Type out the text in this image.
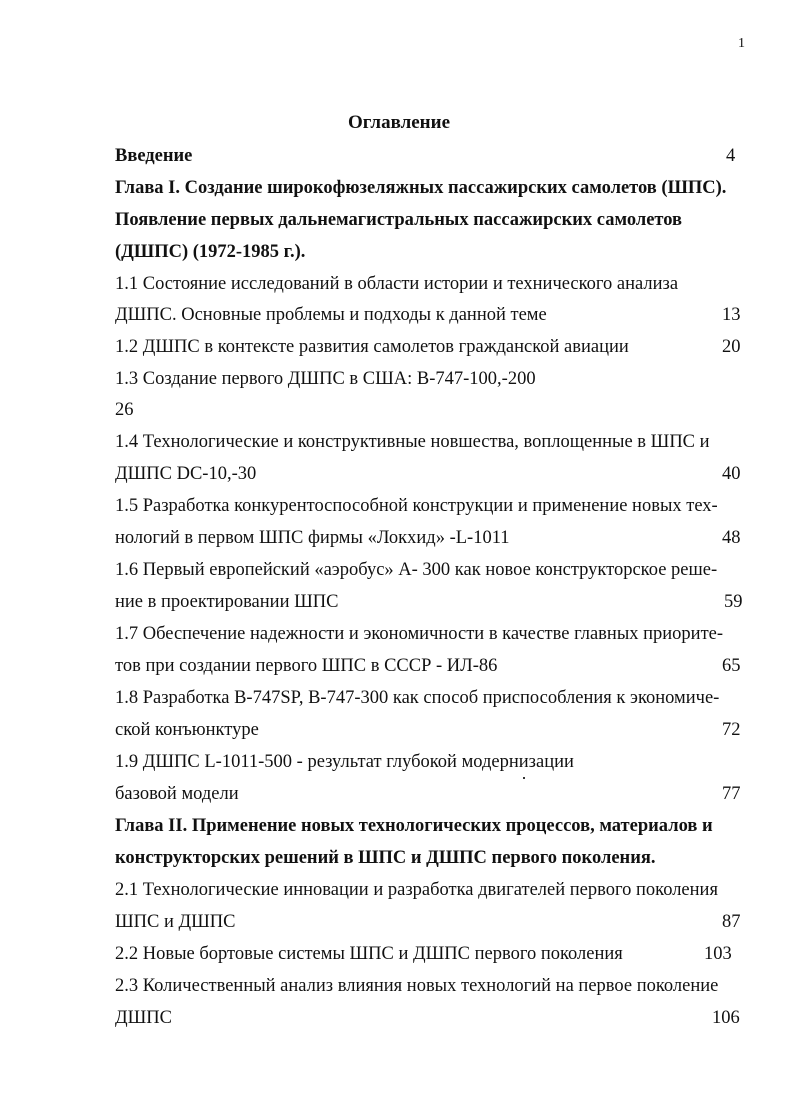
1
Оглавление
Введение	4
Глава I. Создание широкофюзеляжных пассажирских самолетов (ШПС).
Появление первых дальнемагистральных пассажирских самолетов
(ДШПС) (1972-1985 г.).
1.1 Состояние исследований в области истории и технического анализа
ДШПС. Основные проблемы и подходы к данной теме	13
1.2 ДШПС в контексте развития самолетов гражданской авиации	20
1.3 Создание первого ДШПС в США: В-747-100,-200
26
1.4 Технологические и конструктивные новшества, воплощенные в ШПС и
ДШПС DC-10,-30	40
1.5 Разработка конкурентоспособной конструкции и применение новых тех-
нологий в первом ШПС фирмы «Локхид» -L-1011	48
1.6 Первый европейский «аэробус» А- 300 как новое конструкторское реше-
ние в проектировании ШПС	59
1.7 Обеспечение надежности и экономичности в качестве главных приорите-
тов при создании первого ШПС в СССР - ИЛ-86	65
1.8 Разработка В-747SP, В-747-300 как способ приспособления к экономиче-
ской конъюнктуре	72
1.9 ДШПС L-1011-500 - результат глубокой модернизации
базовой модели	77
Глава II. Применение новых технологических процессов, материалов и
конструкторских решений в ШПС и ДШПС первого поколения.
2.1 Технологические инновации и разработка двигателей первого поколения
ШПС и ДШПС	87
2.2 Новые бортовые системы ШПС и ДШПС первого поколения	103
2.3 Количественный анализ влияния новых технологий на первое поколение
ДШПС	106
